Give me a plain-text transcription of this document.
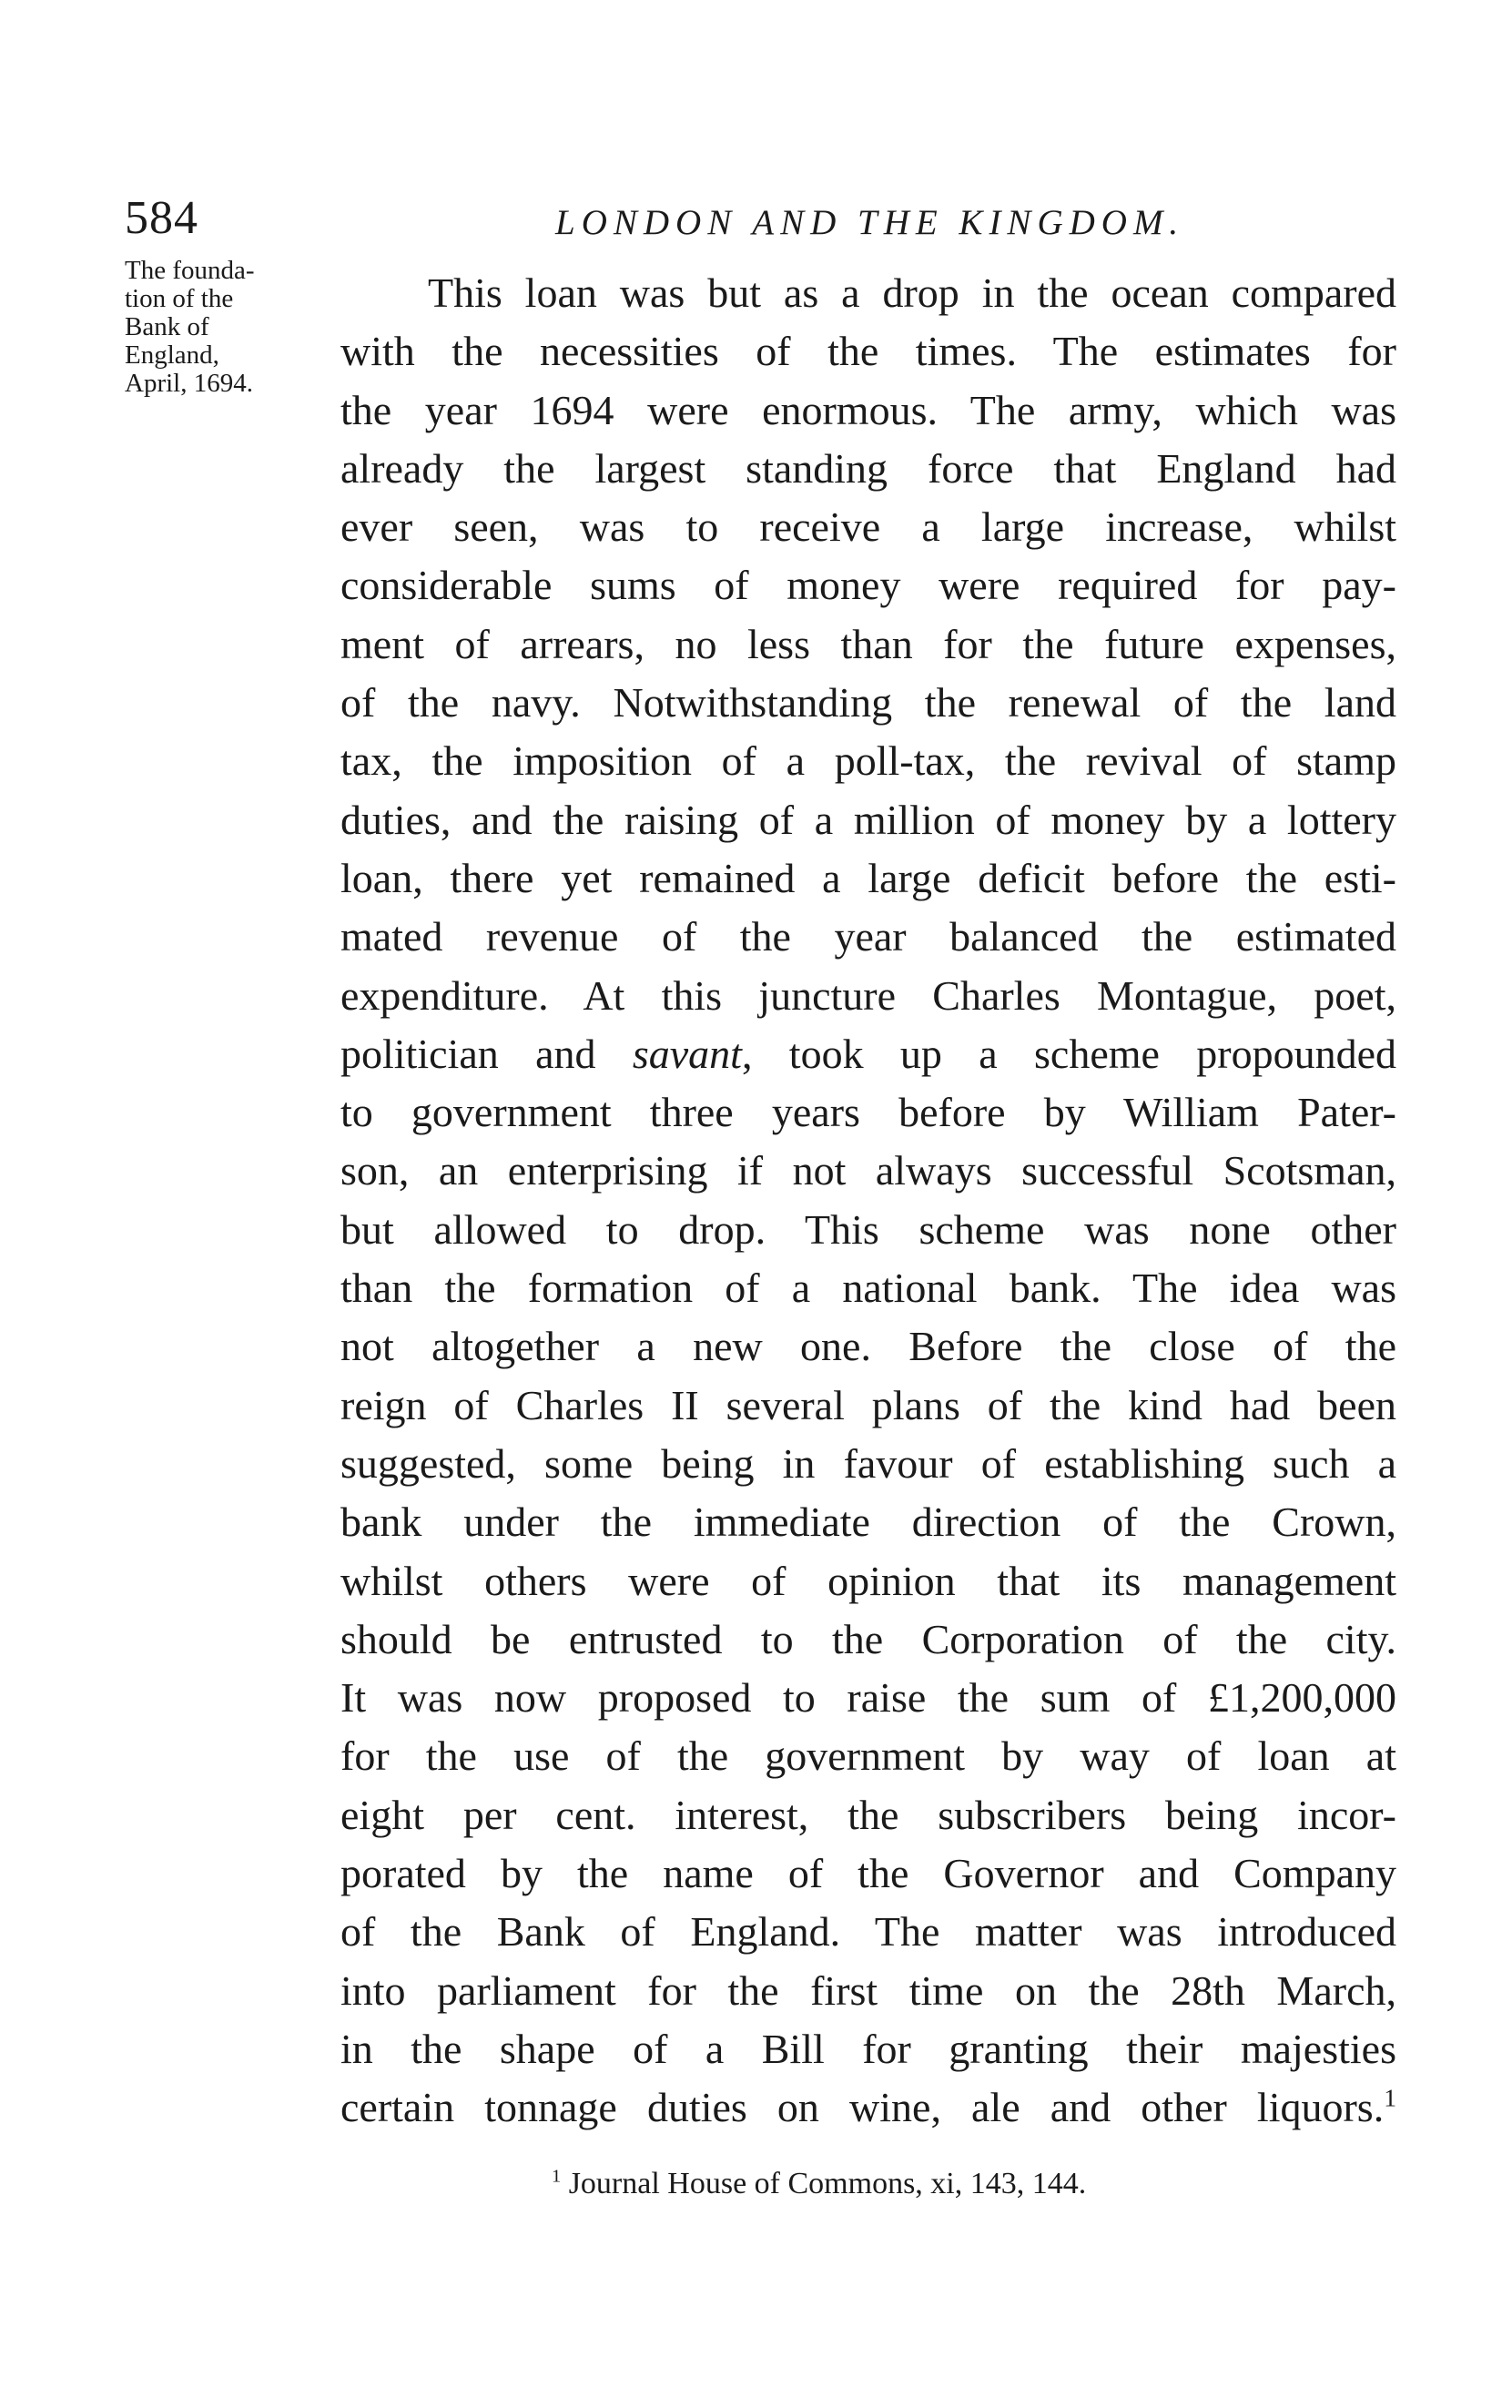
584	LONDON AND THE KINGDOM.
The founda-
tion of the
Bank of
England,
April, 1694.
This loan was but as a drop in the ocean compared
with the necessities of the times. The estimates for
the year 1694 were enormous. The army, which was
already the largest standing force that England had
ever seen, was to receive a large increase, whilst
considerable sums of money were required for pay-
ment of arrears, no less than for the future expenses,
of the navy. Notwithstanding the renewal of the land
tax, the imposition of a poll-tax, the revival of stamp
duties, and the raising of a million of money by a lottery
loan, there yet remained a large deficit before the esti-
mated revenue of the year balanced the estimated
expenditure. At this juncture Charles Montague, poet,
politician and savant, took up a scheme propounded
to government three years before by William Pater-
son, an enterprising if not always successful Scotsman,
but allowed to drop. This scheme was none other
than the formation of a national bank. The idea was
not altogether a new one. Before the close of the
reign of Charles II several plans of the kind had been
suggested, some being in favour of establishing such a
bank under the immediate direction of the Crown,
whilst others were of opinion that its management
should be entrusted to the Corporation of the city.
It was now proposed to raise the sum of £1,200,000
for the use of the government by way of loan at
eight per cent. interest, the subscribers being incor-
porated by the name of the Governor and Company
of the Bank of England. The matter was introduced
into parliament for the first time on the 28th March,
in the shape of a Bill for granting their majesties
certain tonnage duties on wine, ale and other liquors.$^1$
$^1$ Journal House of Commons, xi, 143, 144.
